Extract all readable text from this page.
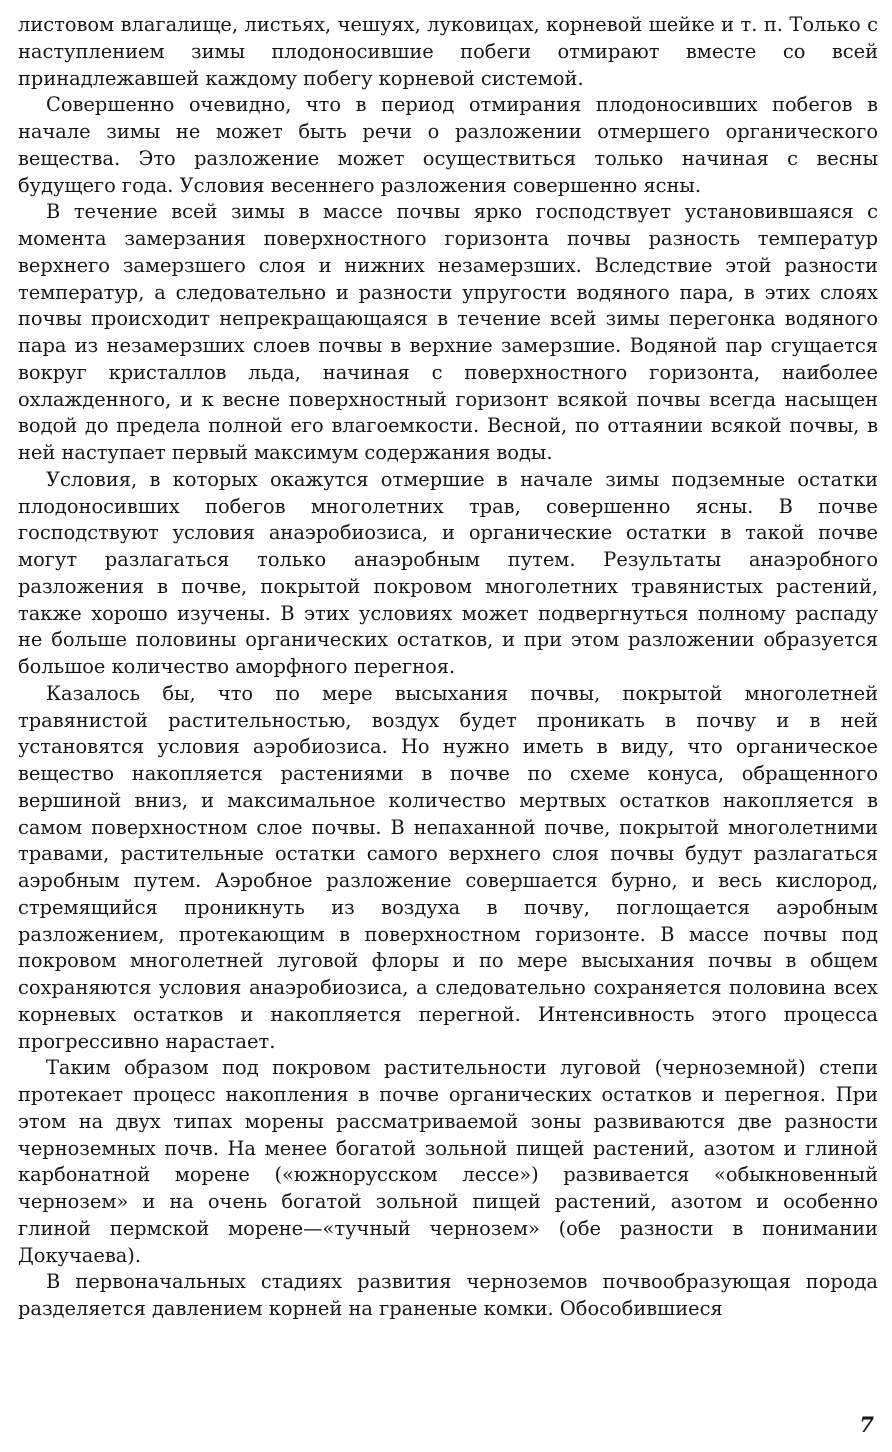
листовом влагалище, листьях, чешуях, луковицах, корневой шейке и т. п. Только с наступлением зимы плодоносившие побеги отмирают вместе со всей принадлежавшей каждому побегу корневой системой.

Совершенно очевидно, что в период отмирания плодоносивших побегов в начале зимы не может быть речи о разложении отмершего органического вещества. Это разложение может осуществиться только начиная с весны будущего года. Условия весеннего разложения совершенно ясны.

В течение всей зимы в массе почвы ярко господствует установившаяся с момента замерзания поверхностного горизонта почвы разность температур верхнего замерзшего слоя и нижних незамерзших. Вследствие этой разности температур, а следовательно и разности упругости водяного пара, в этих слоях почвы происходит непрекращающаяся в течение всей зимы перегонка водяного пара из незамерзших слоев почвы в верхние замерзшие. Водяной пар сгущается вокруг кристаллов льда, начиная с поверхностного горизонта, наиболее охлажденного, и к весне поверхностный горизонт всякой почвы всегда насыщен водой до предела полной его влагоемкости. Весной, по оттаянии всякой почвы, в ней наступает первый максимум содержания воды.

Условия, в которых окажутся отмершие в начале зимы подземные остатки плодоносивших побегов многолетних трав, совершенно ясны. В почве господствуют условия анаэробиозиса, и органические остатки в такой почве могут разлагаться только анаэробным путем. Результаты анаэробного разложения в почве, покрытой покровом многолетних травянистых растений, также хорошо изучены. В этих условиях может подвергнуться полному распаду не больше половины органических остатков, и при этом разложении образуется большое количество аморфного перегноя.

Казалось бы, что по мере высыхания почвы, покрытой многолетней травянистой растительностью, воздух будет проникать в почву и в ней установятся условия аэробиозиса. Но нужно иметь в виду, что органическое вещество накопляется растениями в почве по схеме конуса, обращенного вершиной вниз, и максимальное количество мертвых остатков накопляется в самом поверхностном слое почвы. В непаханной почве, покрытой многолетними травами, растительные остатки самого верхнего слоя почвы будут разлагаться аэробным путем. Аэробное разложение совершается бурно, и весь кислород, стремящийся проникнуть из воздуха в почву, поглощается аэробным разложением, протекающим в поверхностном горизонте. В массе почвы под покровом многолетней луговой флоры и по мере высыхания почвы в общем сохраняются условия анаэробиозиса, а следовательно сохраняется половина всех корневых остатков и накопляется перегной. Интенсивность этого процесса прогрессивно нарастает.

Таким образом под покровом растительности луговой (черноземной) степи протекает процесс накопления в почве органических остатков и перегноя. При этом на двух типах морены рассматриваемой зоны развиваются две разности черноземных почв. На менее богатой зольной пищей растений, азотом и глиной карбонатной морене («южнорусском лессе») развивается «обыкновенный чернозем» и на очень богатой зольной пищей растений, азотом и особенно глиной пермской морене—«тучный чернозем» (обе разности в понимании Докучаева).

В первоначальных стадиях развития черноземов почвообразующая порода разделяется давлением корней на граненые комки. Обособившиеся

7
